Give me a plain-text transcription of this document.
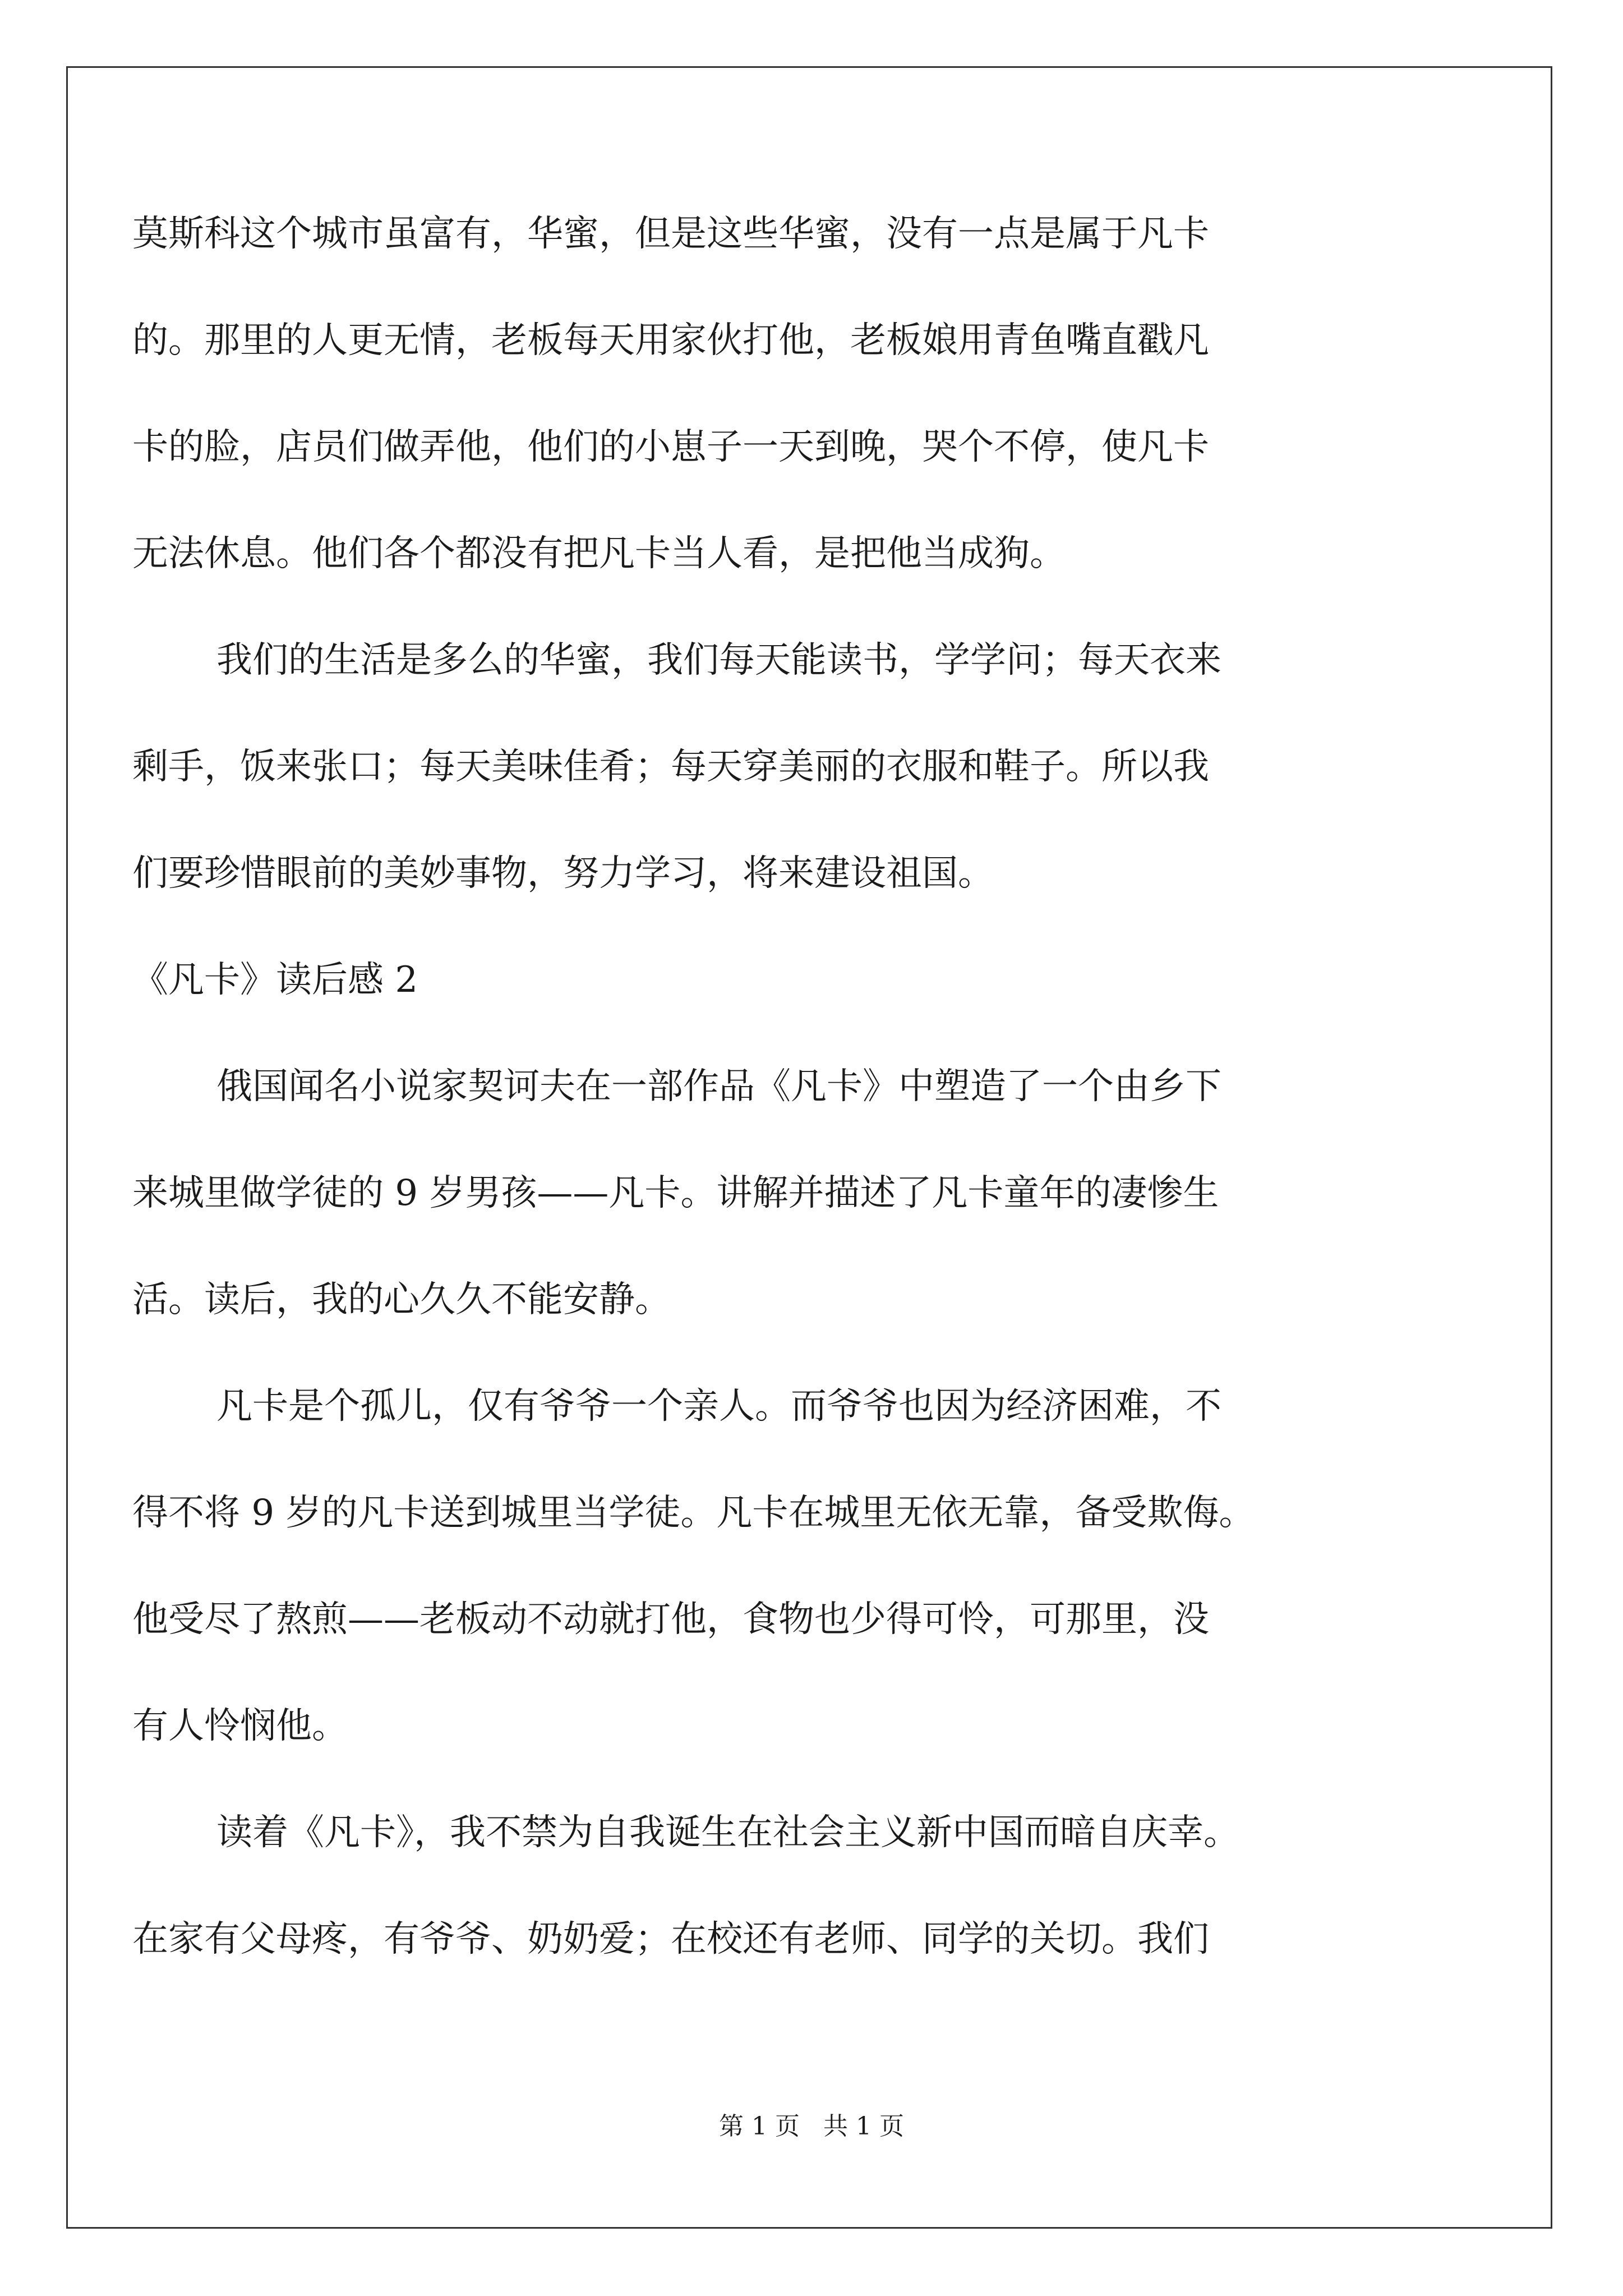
莫斯科这个城市虽富有，华蜜，但是这些华蜜，没有一点是属于凡卡
的。那里的人更无情，老板每天用家伙打他，老板娘用青鱼嘴直戳凡
卡的脸，店员们做弄他，他们的小崽子一天到晚，哭个不停，使凡卡
无法休息。他们各个都没有把凡卡当人看，是把他当成狗。
我们的生活是多么的华蜜，我们每天能读书，学学问；每天衣来
剩手，饭来张口；每天美味佳肴；每天穿美丽的衣服和鞋子。所以我
们要珍惜眼前的美妙事物，努力学习，将来建设祖国。
《凡卡》读后感 2
俄国闻名小说家契诃夫在一部作品《凡卡》中塑造了一个由乡下
来城里做学徒的 9 岁男孩——凡卡。讲解并描述了凡卡童年的凄惨生
活。读后，我的心久久不能安静。
凡卡是个孤儿，仅有爷爷一个亲人。而爷爷也因为经济困难，不
得不将 9 岁的凡卡送到城里当学徒。凡卡在城里无依无靠，备受欺侮。
他受尽了熬煎——老板动不动就打他，食物也少得可怜，可那里，没
有人怜悯他。
读着《凡卡》，我不禁为自我诞生在社会主义新中国而暗自庆幸。
在家有父母疼，有爷爷、奶奶爱；在校还有老师、同学的关切。我们
第 1 页   共 1 页
